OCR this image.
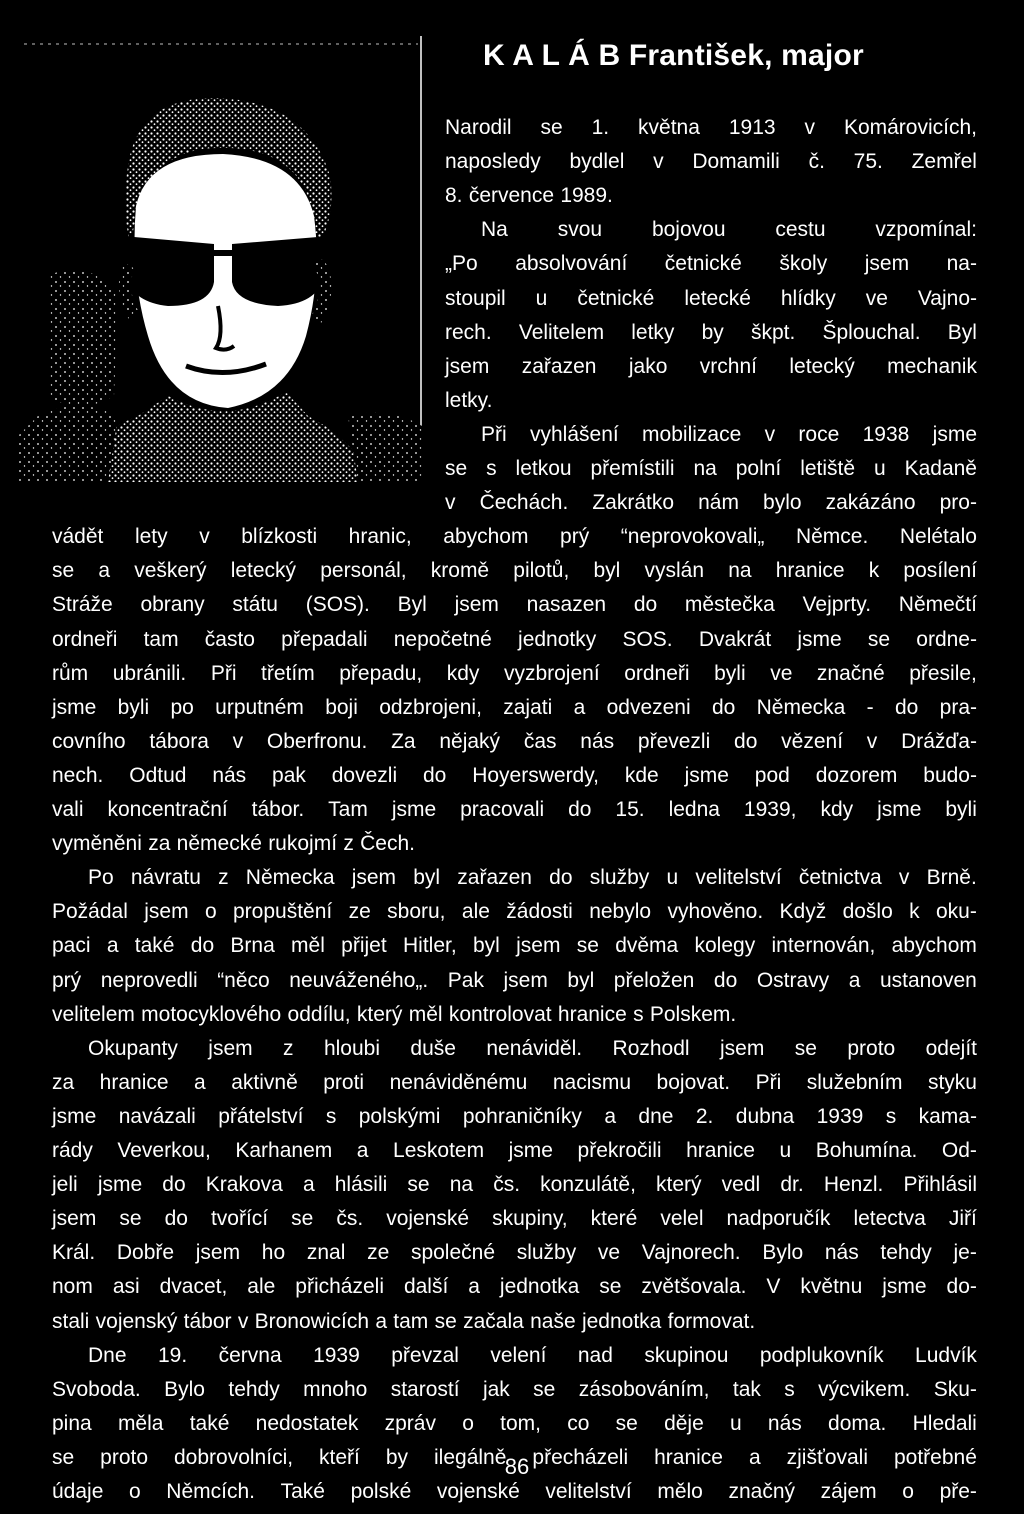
K A L Á B František, major
Narodil se 1. května 1913 v Komárovicích,
naposledy bydlel v Domamili č. 75. Zemřel
8. července 1989.
Na svou bojovou cestu vzpomínal:
„Po absolvování četnické školy jsem na-
stoupil u četnické letecké hlídky ve Vajno-
rech. Velitelem letky by škpt. Šplouchal. Byl
jsem zařazen jako vrchní letecký mechanik
letky.
Při vyhlášení mobilizace v roce 1938 jsme
se s letkou přemístili na polní letiště u Kadaně
v Čechách. Zakrátko nám bylo zakázáno pro-
vádět lety v blízkosti hranic, abychom prý “neprovokovali„ Němce. Nelétalo
se a veškerý letecký personál, kromě pilotů, byl vyslán na hranice k posílení
Stráže obrany státu (SOS). Byl jsem nasazen do městečka Vejprty. Němečtí
ordneři tam často přepadali nepočetné jednotky SOS. Dvakrát jsme se ordne-
rům ubránili. Při třetím přepadu, kdy vyzbrojení ordneři byli ve značné přesile,
jsme byli po urputném boji odzbrojeni, zajati a odvezeni do Německa - do pra-
covního tábora v Oberfronu. Za nějaký čas nás převezli do vězení v Drážďa-
nech. Odtud nás pak dovezli do Hoyerswerdy, kde jsme pod dozorem budo-
vali koncentrační tábor. Tam jsme pracovali do 15. ledna 1939, kdy jsme byli
vyměněni za německé rukojmí z Čech.
Po návratu z Německa jsem byl zařazen do služby u velitelství četnictva v Brně.
Požádal jsem o propuštění ze sboru, ale žádosti nebylo vyhověno. Když došlo k oku-
paci a také do Brna měl přijet Hitler, byl jsem se dvěma kolegy internován, abychom
prý neprovedli “něco neuváženého„. Pak jsem byl přeložen do Ostravy a ustanoven
velitelem motocyklového oddílu, který měl kontrolovat hranice s Polskem.
Okupanty jsem z hloubi duše nenáviděl. Rozhodl jsem se proto odejít
za hranice a aktivně proti nenáviděnému nacismu bojovat. Při služebním styku
jsme navázali přátelství s polskými pohraničníky a dne 2. dubna 1939 s kama-
rády Veverkou, Karhanem a Leskotem jsme překročili hranice u Bohumína. Od-
jeli jsme do Krakova a hlásili se na čs. konzulátě, který vedl dr. Henzl. Přihlásil
jsem se do tvořící se čs. vojenské skupiny, které velel nadporučík letectva Jiří
Král. Dobře jsem ho znal ze společné služby ve Vajnorech. Bylo nás tehdy je-
nom asi dvacet, ale přicházeli další a jednotka se zvětšovala. V květnu jsme do-
stali vojenský tábor v Bronowicích a tam se začala naše jednotka formovat.
Dne 19. června 1939 převzal velení nad skupinou podplukovník Ludvík
Svoboda. Bylo tehdy mnoho starostí jak se zásobováním, tak s výcvikem. Sku-
pina měla také nedostatek zpráv o tom, co se děje u nás doma. Hledali
se proto dobrovolníci, kteří by ilegálně přecházeli hranice a zjišťovali potřebné
údaje o Němcích. Také polské vojenské velitelství mělo značný zájem o pře-
86
